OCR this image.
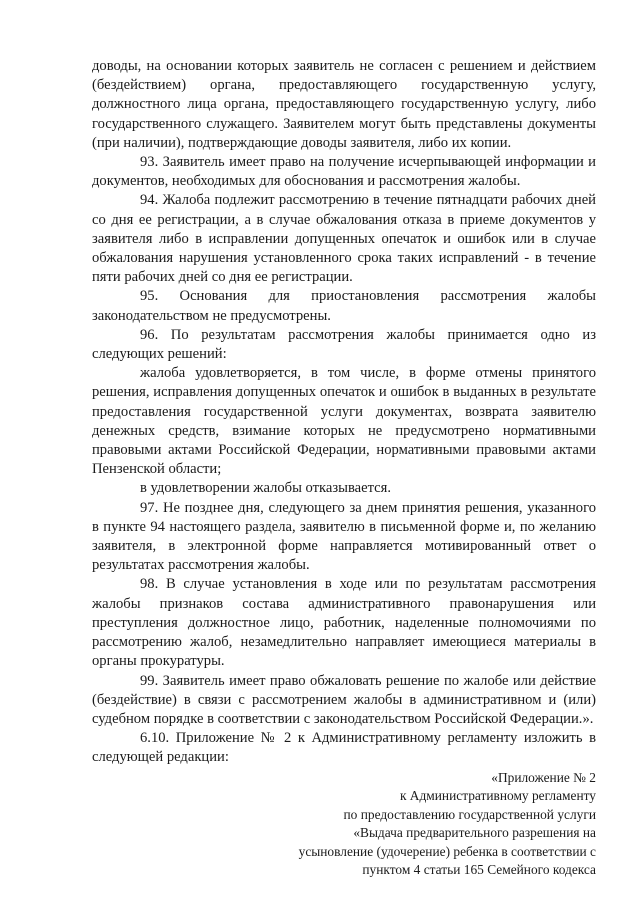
доводы, на основании которых заявитель не согласен с решением и действием (бездействием) органа, предоставляющего государственную услугу, должностного лица органа, предоставляющего государственную услугу, либо государственного служащего. Заявителем могут быть представлены документы (при наличии), подтверждающие доводы заявителя, либо их копии.

93. Заявитель имеет право на получение исчерпывающей информации и документов, необходимых для обоснования и рассмотрения жалобы.

94. Жалоба подлежит рассмотрению в течение пятнадцати рабочих дней со дня ее регистрации, а в случае обжалования отказа в приеме документов у заявителя либо в исправлении допущенных опечаток и ошибок или в случае обжалования нарушения установленного срока таких исправлений - в течение пяти рабочих дней со дня ее регистрации.

95. Основания для приостановления рассмотрения жалобы законодательством не предусмотрены.

96. По результатам рассмотрения жалобы принимается одно из следующих решений:

жалоба удовлетворяется, в том числе, в форме отмены принятого решения, исправления допущенных опечаток и ошибок в выданных в результате предоставления государственной услуги документах, возврата заявителю денежных средств, взимание которых не предусмотрено нормативными правовыми актами Российской Федерации, нормативными правовыми актами Пензенской области;

в удовлетворении жалобы отказывается.

97. Не позднее дня, следующего за днем принятия решения, указанного в пункте 94 настоящего раздела, заявителю в письменной форме и, по желанию заявителя, в электронной форме направляется мотивированный ответ о результатах рассмотрения жалобы.

98. В случае установления в ходе или по результатам рассмотрения жалобы признаков состава административного правонарушения или преступления должностное лицо, работник, наделенные полномочиями по рассмотрению жалоб, незамедлительно направляет имеющиеся материалы в органы прокуратуры.

99. Заявитель имеет право обжаловать решение по жалобе или действие (бездействие) в связи с рассмотрением жалобы в административном и (или) судебном порядке в соответствии с законодательством Российской Федерации.».

6.10. Приложение № 2 к Административному регламенту изложить в следующей редакции:

«Приложение № 2
к Административному регламенту
по предоставлению государственной услуги
«Выдача предварительного разрешения на
усыновление (удочерение) ребенка в соответствии с
пунктом 4 статьи 165 Семейного кодекса
